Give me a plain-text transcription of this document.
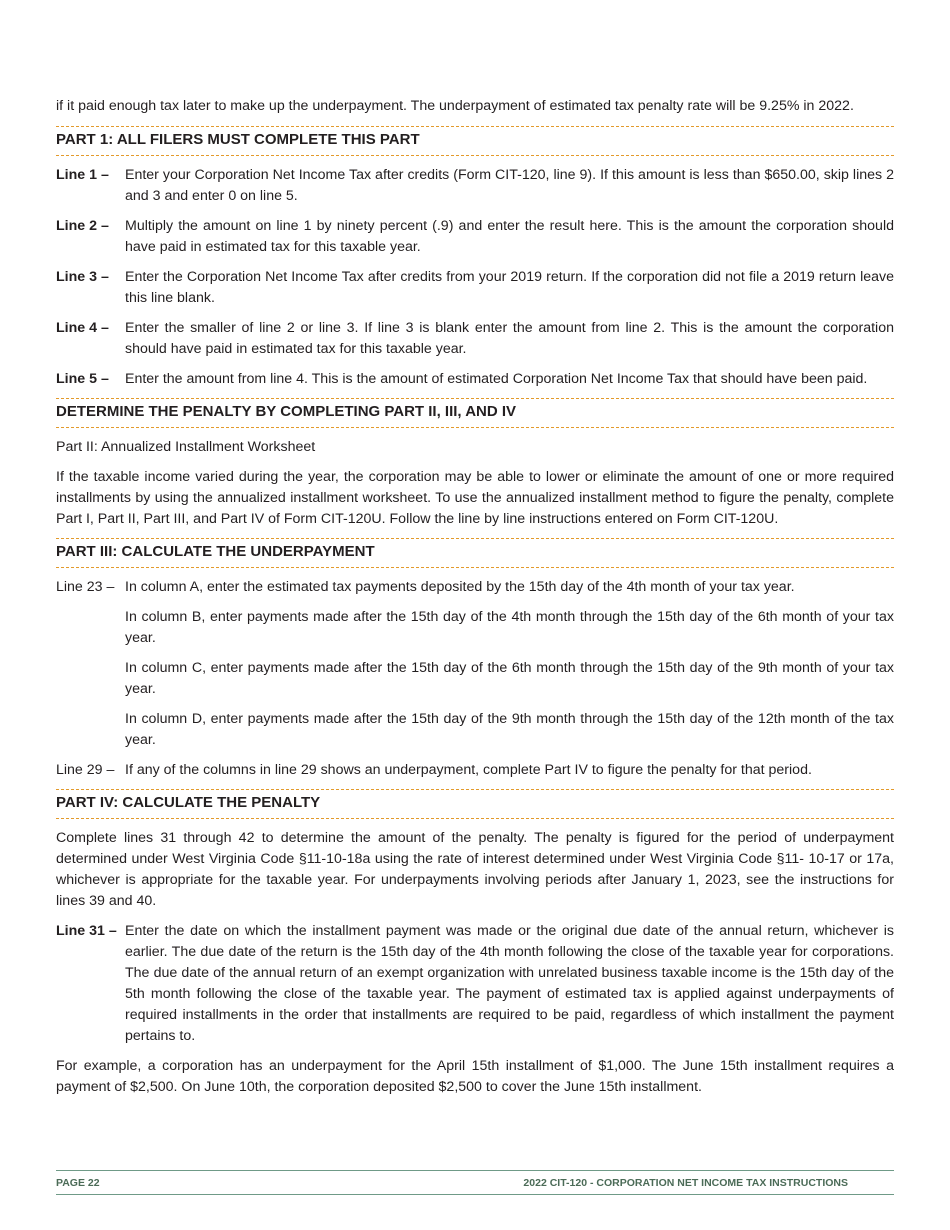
if it paid enough tax later to make up the underpayment. The underpayment of estimated tax penalty rate will be 9.25% in 2022.

PART 1: ALL FILERS MUST COMPLETE THIS PART
Line 1 –	Enter your Corporation Net Income Tax after credits (Form CIT-120, line 9). If this amount is less than $650.00, skip lines 2 and 3 and enter 0 on line 5.
Line 2 –	Multiply the amount on line 1 by ninety percent (.9) and enter the result here. This is the amount the corporation should have paid in estimated tax for this taxable year.
Line 3 –	Enter the Corporation Net Income Tax after credits from your 2019 return. If the corporation did not file a 2019 return leave this line blank.
Line 4 –	Enter the smaller of line 2 or line 3. If line 3 is blank enter the amount from line 2. This is the amount the corporation should have paid in estimated tax for this taxable year.
Line 5 –	Enter the amount from line 4. This is the amount of estimated Corporation Net Income Tax that should have been paid.
DETERMINE THE PENALTY BY COMPLETING PART II, III, AND IV

Part II: Annualized Installment Worksheet

If the taxable income varied during the year, the corporation may be able to lower or eliminate the amount of one or more required installments by using the annualized installment worksheet. To use the annualized installment method to figure the penalty, complete Part I, Part II, Part III, and Part IV of Form CIT-120U. Follow the line by line instructions entered on Form CIT-120U.

PART III: CALCULATE THE UNDERPAYMENT
Line 23 – In column A, enter the estimated tax payments deposited by the 15th day of the 4th month of your tax year.

In column B, enter payments made after the 15th day of the 4th month through the 15th day of the 6th month of your tax year.

In column C, enter payments made after the 15th day of the 6th month through the 15th day of the 9th month of your tax year.

In column D, enter payments made after the 15th day of the 9th month through the 15th day of the 12th month of the tax year.

Line 29 – If any of the columns in line 29 shows an underpayment, complete Part IV to figure the penalty for that period.
PART IV: CALCULATE THE PENALTY

Complete lines 31 through 42 to determine the amount of the penalty. The penalty is figured for the period of underpayment determined under West Virginia Code §11-10-18a using the rate of interest determined under West Virginia Code §11- 10-17 or 17a, whichever is appropriate for the taxable year. For underpayments involving periods after January 1, 2023, see the instructions for lines 39 and 40.

Line 31 – Enter the date on which the installment payment was made or the original due date of the annual return, whichever is earlier. The due date of the return is the 15th day of the 4th month following the close of the taxable year for corporations. The due date of the annual return of an exempt organization with unrelated business taxable income is the 15th day of the 5th month following the close of the taxable year. The payment of estimated tax is applied against underpayments of required installments in the order that installments are required to be paid, regardless of which installment the payment pertains to.

For example, a corporation has an underpayment for the April 15th installment of $1,000. The June 15th installment requires a payment of $2,500. On June 10th, the corporation deposited $2,500 to cover the June 15th installment.

PAGE 22	2022 CIT-120 - CORPORATION NET INCOME TAX INSTRUCTIONS
